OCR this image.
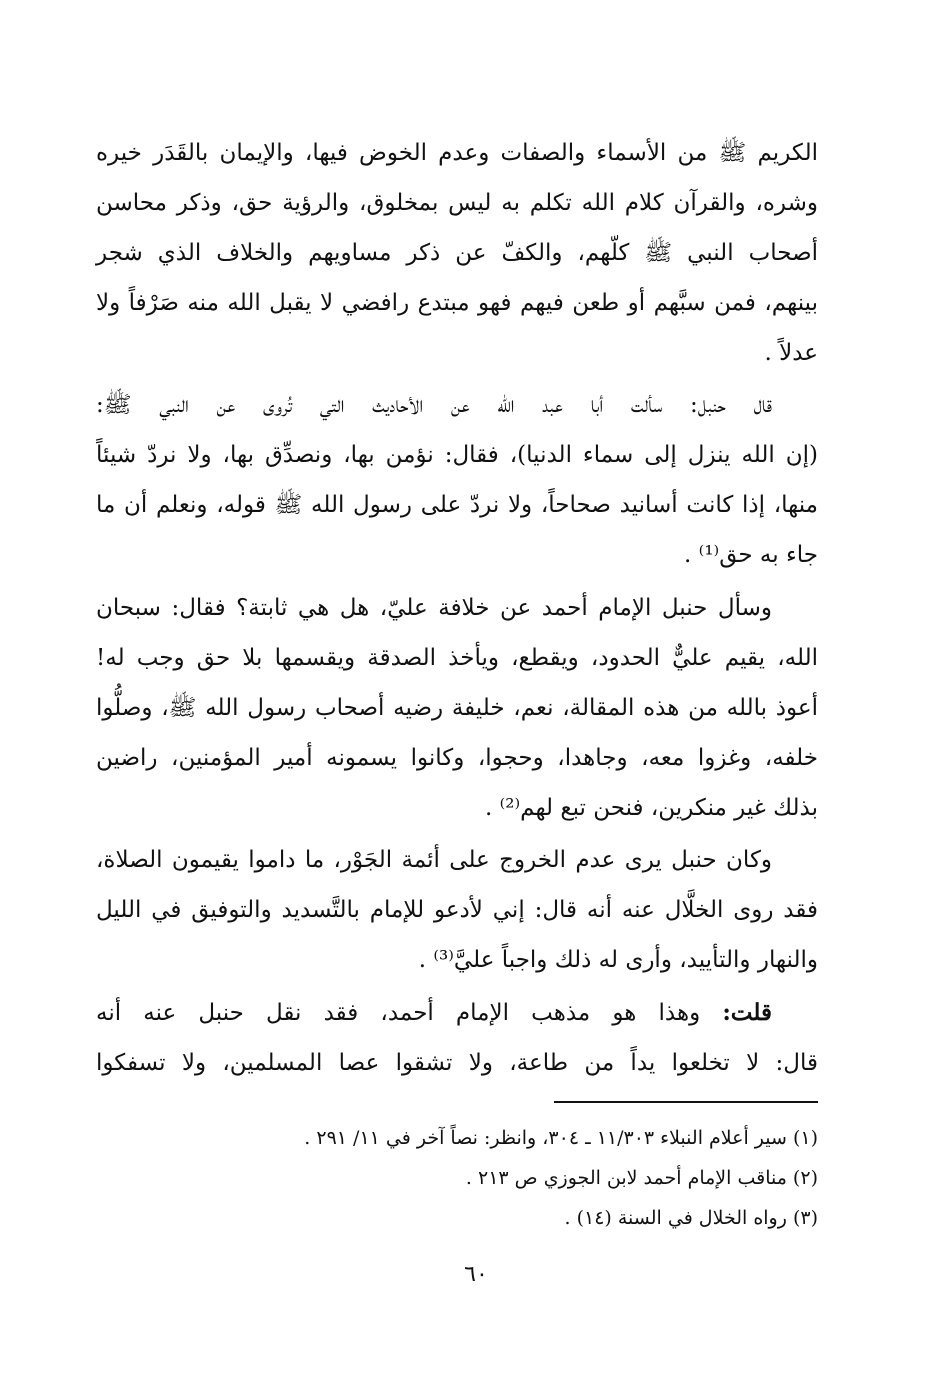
الكريم ﷺ من الأسماء والصفات وعدم الخوض فيها، والإيمان بالقَدَر خيره
وشره، والقرآن كلام الله تكلم به ليس بمخلوق، والرؤية حق، وذكر محاسن
أصحاب النبي ﷺ كلّهم، والكفّ عن ذكر مساويهم والخلاف الذي شجر
بينهم، فمن سبَّهم أو طعن فيهم فهو مبتدع رافضي لا يقبل الله منه صَرْفاً ولا
عدلاً .
قال حنبل: سألت أبا عبد الله عن الأحاديث التي تُروى عن النبي ﷺ:
(إن الله ينزل إلى سماء الدنيا)، فقال: نؤمن بها، ونصدِّق بها، ولا نردّ شيئاً
منها، إذا كانت أسانيد صحاحاً، ولا نردّ على رسول الله ﷺ قوله، ونعلم أن ما
جاء به حق⁽¹⁾ .
وسأل حنبل الإمام أحمد عن خلافة عليّ، هل هي ثابتة؟ فقال: سبحان
الله، يقيم عليٌّ الحدود، ويقطع، ويأخذ الصدقة ويقسمها بلا حق وجب له!
أعوذ بالله من هذه المقالة، نعم، خليفة رضيه أصحاب رسول الله ﷺ، وصلُّوا
خلفه، وغزوا معه، وجاهدا، وحجوا، وكانوا يسمونه أمير المؤمنين، راضين
بذلك غير منكرين، فنحن تبع لهم⁽²⁾ .
وكان حنبل يرى عدم الخروج على أئمة الجَوْر، ما داموا يقيمون الصلاة،
فقد روى الخلَّال عنه أنه قال: إني لأدعو للإمام بالتَّسديد والتوفيق في الليل
والنهار والتأييد، وأرى له ذلك واجباً عليَّ⁽³⁾ .
قلت: وهذا هو مذهب الإمام أحمد، فقد نقل حنبل عنه أنه
قال: لا تخلعوا يداً من طاعة، ولا تشقوا عصا المسلمين، ولا تسفكوا
(١) سير أعلام النبلاء ١١/٣٠٣ ـ ٣٠٤، وانظر: نصاً آخر في ١١/ ٢٩١ .
(٢) مناقب الإمام أحمد لابن الجوزي ص ٢١٣ .
(٣) رواه الخلال في السنة (١٤) .
٦٠
